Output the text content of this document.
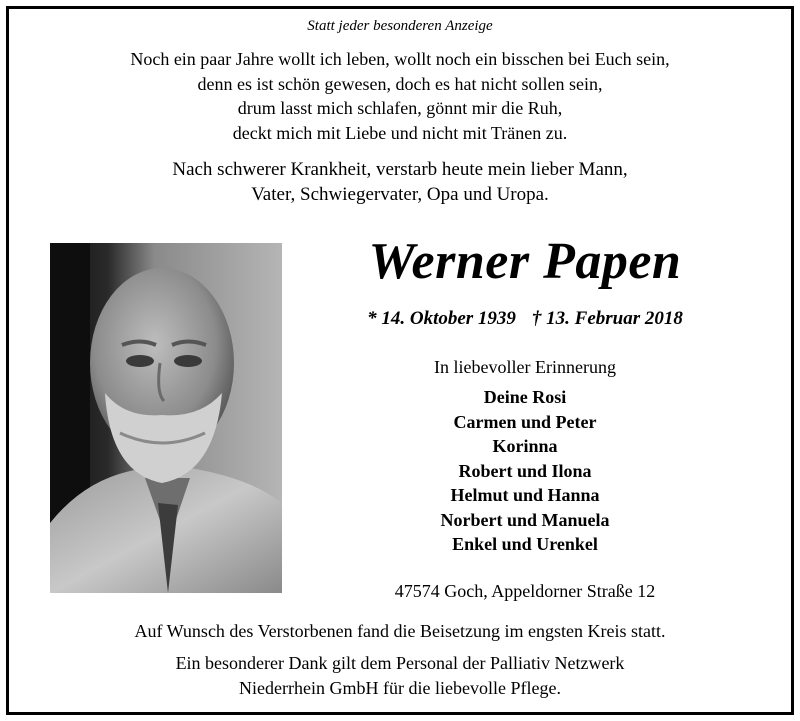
Statt jeder besonderen Anzeige
Noch ein paar Jahre wollt ich leben, wollt noch ein bisschen bei Euch sein,
denn es ist schön gewesen, doch es hat nicht sollen sein,
drum lasst mich schlafen, gönnt mir die Ruh,
deckt mich mit Liebe und nicht mit Tränen zu.
Nach schwerer Krankheit, verstarb heute mein lieber Mann,
Vater, Schwiegervater, Opa und Uropa.
Werner Papen
* 14. Oktober 1939 † 13. Februar 2018
In liebevoller Erinnerung
Deine Rosi
Carmen und Peter
Korinna
Robert und Ilona
Helmut und Hanna
Norbert und Manuela
Enkel und Urenkel
47574 Goch, Appeldorner Straße 12
Auf Wunsch des Verstorbenen fand die Beisetzung im engsten Kreis statt.
Ein besonderer Dank gilt dem Personal der Palliativ Netzwerk
Niederrhein GmbH für die liebevolle Pflege.
